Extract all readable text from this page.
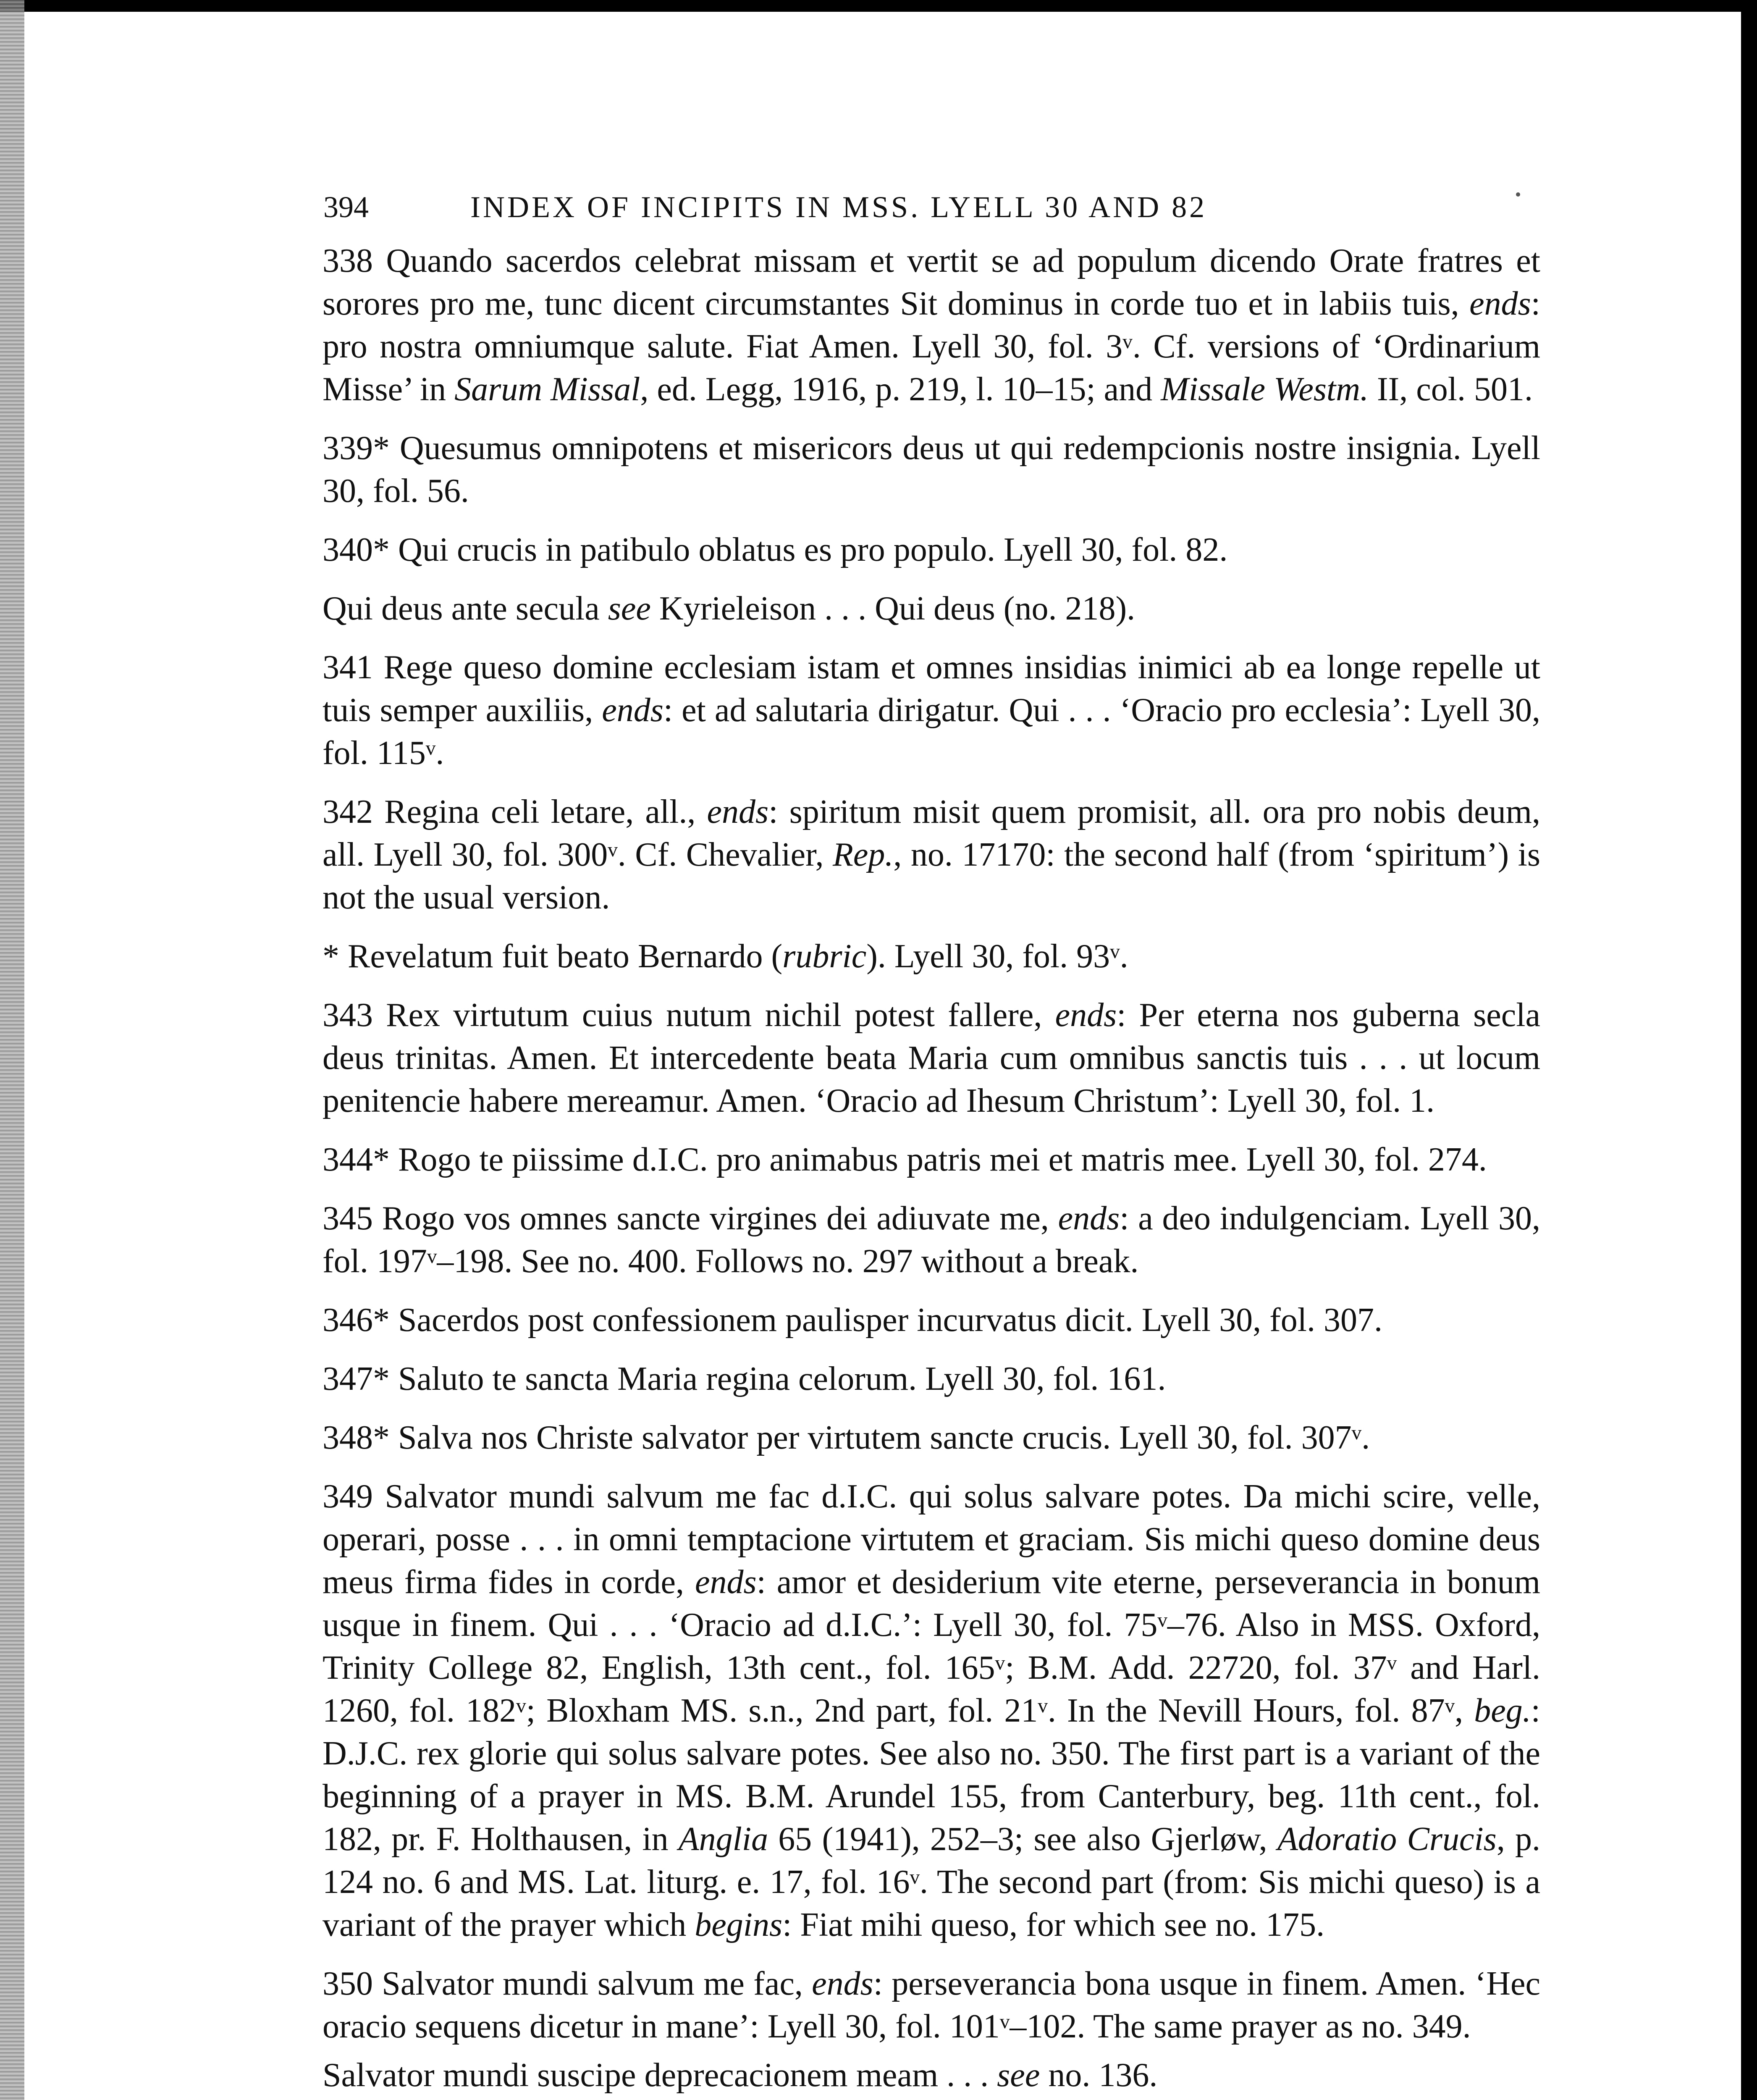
394	INDEX OF INCIPITS IN MSS. LYELL 30 AND 82

338 Quando sacerdos celebrat missam et vertit se ad populum dicendo Orate fratres et sorores pro me, tunc dicent circumstantes Sit dominus in corde tuo et in labiis tuis, ends: pro nostra omniumque salute. Fiat Amen. Lyell 30, fol. 3ᵛ. Cf. versions of ‘Ordinarium Misse’ in Sarum Missal, ed. Legg, 1916, p. 219, l. 10–15; and Missale Westm. II, col. 501.

339* Quesumus omnipotens et misericors deus ut qui redempcionis nostre insignia. Lyell 30, fol. 56.

340* Qui crucis in patibulo oblatus es pro populo. Lyell 30, fol. 82.

Qui deus ante secula see Kyrieleison . . . Qui deus (no. 218).

341 Rege queso domine ecclesiam istam et omnes insidias inimici ab ea longe repelle ut tuis semper auxiliis, ends: et ad salutaria dirigatur. Qui . . . ‘Oracio pro ecclesia’: Lyell 30, fol. 115ᵛ.

342 Regina celi letare, all., ends: spiritum misit quem promisit, all. ora pro nobis deum, all. Lyell 30, fol. 300ᵛ. Cf. Chevalier, Rep., no. 17170: the second half (from ‘spiritum’) is not the usual version.

* Revelatum fuit beato Bernardo (rubric). Lyell 30, fol. 93ᵛ.

343 Rex virtutum cuius nutum nichil potest fallere, ends: Per eterna nos guberna secla deus trinitas. Amen. Et intercedente beata Maria cum omnibus sanctis tuis . . . ut locum penitencie habere mereamur. Amen. ‘Oracio ad Ihesum Christum’: Lyell 30, fol. 1.

344* Rogo te piissime d.I.C. pro animabus patris mei et matris mee. Lyell 30, fol. 274.

345 Rogo vos omnes sancte virgines dei adiuvate me, ends: a deo indulgenciam. Lyell 30, fol. 197ᵛ–198. See no. 400. Follows no. 297 without a break.

346* Sacerdos post confessionem paulisper incurvatus dicit. Lyell 30, fol. 307.

347* Saluto te sancta Maria regina celorum. Lyell 30, fol. 161.

348* Salva nos Christe salvator per virtutem sancte crucis. Lyell 30, fol. 307ᵛ.

349 Salvator mundi salvum me fac d.I.C. qui solus salvare potes. Da michi scire, velle, operari, posse . . . in omni temptacione virtutem et graciam. Sis michi queso domine deus meus firma fides in corde, ends: amor et desiderium vite eterne, perseverancia in bonum usque in finem. Qui . . . ‘Oracio ad d.I.C.’: Lyell 30, fol. 75ᵛ–76. Also in MSS. Oxford, Trinity College 82, English, 13th cent., fol. 165ᵛ; B.M. Add. 22720, fol. 37ᵛ and Harl. 1260, fol. 182ᵛ; Bloxham MS. s.n., 2nd part, fol. 21ᵛ. In the Nevill Hours, fol. 87ᵛ, beg.: D.J.C. rex glorie qui solus salvare potes. See also no. 350. The first part is a variant of the beginning of a prayer in MS. B.M. Arundel 155, from Canterbury, beg. 11th cent., fol. 182, pr. F. Holthausen, in Anglia 65 (1941), 252–3; see also Gjerløw, Adoratio Crucis, p. 124 no. 6 and MS. Lat. liturg. e. 17, fol. 16ᵛ. The second part (from: Sis michi queso) is a variant of the prayer which begins: Fiat mihi queso, for which see no. 175.

350 Salvator mundi salvum me fac, ends: perseverancia bona usque in finem. Amen. ‘Hec oracio sequens dicetur in mane’: Lyell 30, fol. 101ᵛ–102. The same prayer as no. 349.

Salvator mundi suscipe deprecacionem meam . . . see no. 136.
